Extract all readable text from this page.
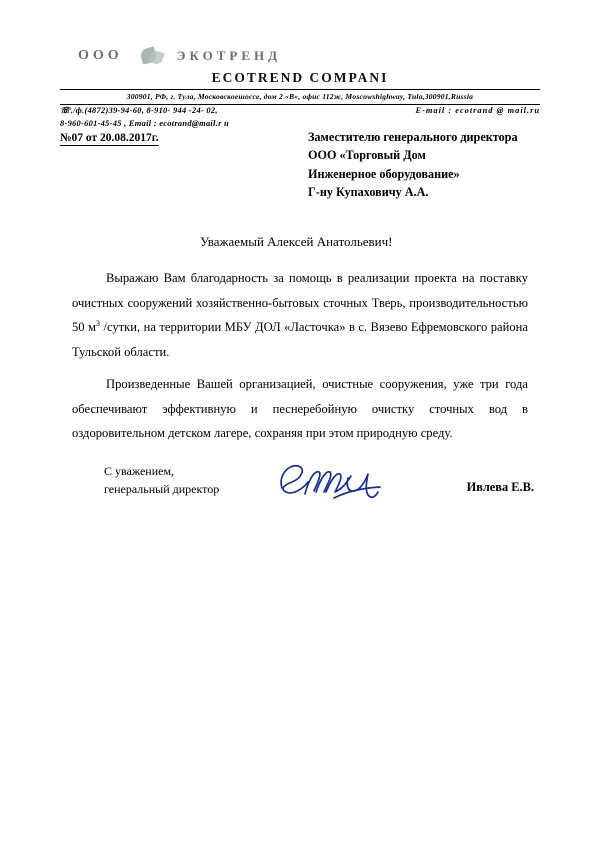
ООО	ЭКОТРЕНД
ECOTREND COMPANI
300901, РФ, г. Тула, Московскоешоссе, дом 2 «В», офис 112ж, Moscowshighway, Tula,300901,Russia
☏./ф.(4872)39-94-60, 8-910- 944 -24- 02,	E-mail : ecotrand @ mail.ru
8-960-601-45-45 , Email : ecotrand@mail.r u
№07 от 20.08.2017г.	Заместителю генерального директора
ООО «Торговый Дом
Инженерное оборудование»
Г-ну Купаховичу А.А.
Уважаемый Алексей Анатольевич!

Выражаю Вам благодарность за помощь в реализации проекта на поставку очистных сооружений хозяйственно-бытовых сточных Тверь, производительностью 50 $м^3$ /сутки, на территории МБУ ДОЛ «Ласточка» в с. Вязево Ефремовского района Тульской области.

Произведенные Вашей организацией, очистные сооружения, уже три года обеспечивают эффективную и песнеребойную очистку сточных вод в оздоровительном детском лагере, сохраняя при этом природную среду.

С уважением,
генеральный директор	Ивлева Е.В.
